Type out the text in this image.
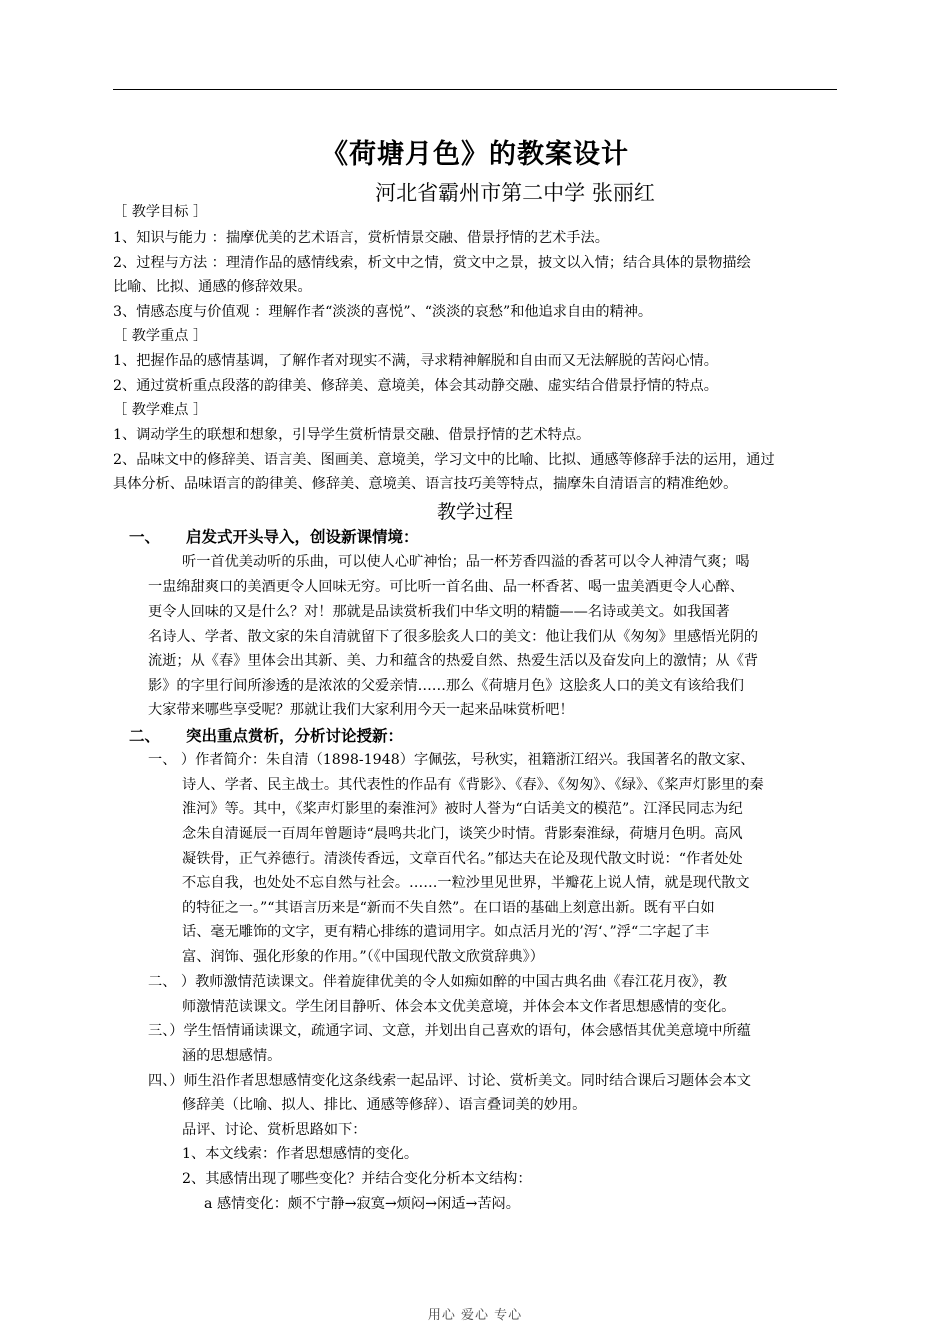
《荷塘月色》的教案设计
河北省霸州市第二中学 张丽红
［ 教学目标 ］
1、知识与能力 ：揣摩优美的艺术语言，赏析情景交融、借景抒情的艺术手法。
2、过程与方法 ：理清作品的感情线索，析文中之情，赏文中之景，披文以入情；结合具体的景物描绘
比喻、比拟、通感的修辞效果。
3、情感态度与价值观 ：理解作者“淡淡的喜悦”、“淡淡的哀愁”和他追求自由的精神。
［ 教学重点 ］
1、把握作品的感情基调，了解作者对现实不满，寻求精神解脱和自由而又无法解脱的苦闷心情。
2、通过赏析重点段落的韵律美、修辞美、意境美，体会其动静交融、虚实结合借景抒情的特点。
［ 教学难点 ］
1、调动学生的联想和想象，引导学生赏析情景交融、借景抒情的艺术特点。
2、品味文中的修辞美、语言美、图画美、意境美，学习文中的比喻、比拟、通感等修辞手法的运用，通过
具体分析、品味语言的韵律美、修辞美、意境美、语言技巧美等特点，揣摩朱自清语言的精准绝妙。
教学过程
一、 启发式开头导入，创设新课情境：
听一首优美动听的乐曲，可以使人心旷神怡；品一杯芳香四溢的香茗可以令人神清气爽；喝
一盅绵甜爽口的美酒更令人回味无穷。可比听一首名曲、品一杯香茗、喝一盅美酒更令人心醉、
更令人回味的又是什么？对！那就是品读赏析我们中华文明的精髓——名诗或美文。如我国著
名诗人、学者、散文家的朱自清就留下了很多脍炙人口的美文：他让我们从《匆匆》里感悟光阴的
流逝；从《春》里体会出其新、美、力和蕴含的热爱自然、热爱生活以及奋发向上的激情；从《背
影》的字里行间所渗透的是浓浓的父爱亲情……那么《荷塘月色》这脍炙人口的美文有该给我们
大家带来哪些享受呢？那就让我们大家利用今天一起来品味赏析吧！
二、 突出重点赏析，分析讨论授新：
一、 ）作者简介：朱自清（1898-1948）字佩弦，号秋实，祖籍浙江绍兴。我国著名的散文家、
诗人、学者、民主战士。其代表性的作品有《背影》、《春》、《匆匆》、《绿》、《桨声灯影里的秦
淮河》等。其中，《桨声灯影里的秦淮河》被时人誉为“白话美文的模范”。江泽民同志为纪
念朱自清诞辰一百周年曾题诗“晨鸣共北门，谈笑少时情。背影秦淮绿，荷塘月色明。高风
凝铁骨，正气养德行。清淡传香远，文章百代名。”郁达夫在论及现代散文时说：“作者处处
不忘自我，也处处不忘自然与社会。……一粒沙里见世界，半瓣花上说人情，就是现代散文
的特征之一。”“其语言历来是“新而不失自然”。在口语的基础上刻意出新。既有平白如
话、毫无雕饰的文字，更有精心排练的遣词用字。如点活月光的’泻‘、”浮“二字起了丰
富、润饰、强化形象的作用。”（《中国现代散文欣赏辞典》）
二、 ）教师激情范读课文。伴着旋律优美的令人如痴如醉的中国古典名曲《春江花月夜》，教
师激情范读课文。学生闭目静听、体会本文优美意境，并体会本文作者思想感情的变化。
三、）学生悟情诵读课文，疏通字词、文意，并划出自己喜欢的语句，体会感悟其优美意境中所蕴
涵的思想感情。
四、）师生沿作者思想感情变化这条线索一起品评、讨论、赏析美文。同时结合课后习题体会本文
修辞美（比喻、拟人、排比、通感等修辞）、语言叠词美的妙用。
品评、讨论、赏析思路如下：
1、本文线索：作者思想感情的变化。
2、其感情出现了哪些变化？并结合变化分析本文结构：
a 感情变化：颇不宁静→寂寞→烦闷→闲适→苦闷。
用心 爱心 专心
